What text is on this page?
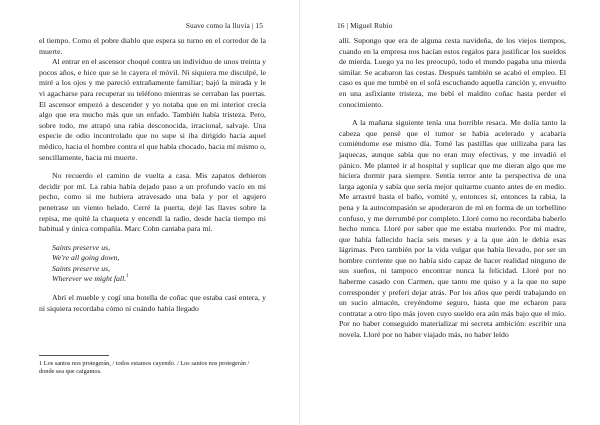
Suave como la lluvia | 15

el tiempo. Como el pobre diablo que espera su turno en el corredor de la muerte.

Al entrar en el ascensor choqué contra un individuo de unos treinta y pocos años, e hice que se le cayera el móvil. Ni siquiera me disculpé, le miré a los ojos y me pareció extrañamente familiar; bajó la mirada y le vi agacharse para recuperar su teléfono mientras se cerraban las puertas. El ascensor empezó a descender y yo notaba que en mi interior crecía algo que era mucho más que un enfado. También había tristeza. Pero, sobre todo, me atrapó una rabia desconocida, irracional, salvaje. Una especie de odio incontrolado que no supe si iba dirigido hacia aquel médico, hacia el hombre contra el que había chocado, hacia mí mismo o, sencillamente, hacia mi muerte.

No recuerdo el camino de vuelta a casa. Mis zapatos debieron decidir por mí. La rabia había dejado paso a un profundo vacío en mi pecho, como si me hubiera atravesado una bala y por el agujero penetrase un viento helado. Cerré la puerta, dejé las llaves sobre la repisa, me quité la chaqueta y encendí la radio, desde hacía tiempo mi habitual y única compañía. Marc Cohn cantaba para mí.

Saints preserve us,
We're all going down,
Saints preserve us,
Wherever we might fall.$^1$

Abrí el mueble y cogí una botella de coñac que estaba casi entera, y ni siquiera recordaba cómo ni cuándo había llegado

1 Los santos nos protegerán, / todos estamos cayendo. / Los santos nos protegerán / donde sea que caigamos.
16 | Miguel Rubio

allí. Supongo que era de alguna cesta navideña, de los viejos tiempos, cuando en la empresa nos hacían estos regalos para justificar los sueldos de mierda. Luego ya no les preocupó, todo el mundo pagaba una mierda similar. Se acabaron las cestas. Después también se acabó el empleo. El caso es que me tumbé en el sofá escuchando aquella canción y, envuelto en una asfixiante tristeza, me bebí el maldito coñac hasta perder el conocimiento.

A la mañana siguiente tenía una horrible resaca. Me dolía tanto la cabeza que pensé que el tumor se había acelerado y acabaría comiéndome ese mismo día. Tomé las pastillas que utilizaba para las jaquecas, aunque sabía que no eran muy efectivas, y me invadió el pánico. Me planteé ir al hospital y suplicar que me dieran algo que me hiciera dormir para siempre. Sentía terror ante la perspectiva de una larga agonía y sabía que sería mejor quitarme cuanto antes de en medio. Me arrastré hasta el baño, vomité y, entonces sí, entonces la rabia, la pena y la autocompasión se apoderaron de mí en forma de un torbellino confuso, y me derrumbé por completo. Lloré como no recordaba haberlo hecho nunca. Lloré por saber que me estaba muriendo. Por mi madre, que había fallecido hacía seis meses y a la que aún le debía esas lágrimas. Pero también por la vida vulgar que había llevado, por ser un hombre corriente que no había sido capaz de hacer realidad ninguno de sus sueños, ni tampoco encontrar nunca la felicidad. Lloré por no haberme casado con Carmen, que tanto me quiso y a la que no supe corresponder y preferí dejar atrás. Por los años que perdí trabajando en un sucio almacén, creyéndome seguro, hasta que me echaron para contratar a otro tipo más joven cuyo sueldo era aún más bajo que el mío. Por no haber conseguido materializar mi secreta ambición: escribir una novela. Lloré por no haber viajado más, no haber leído
